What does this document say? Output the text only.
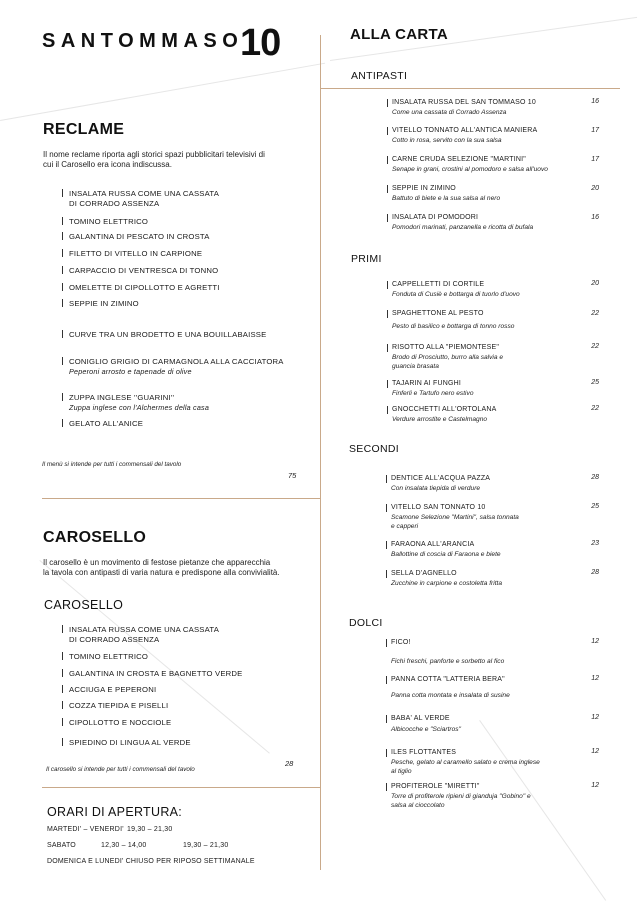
SANTOMMASO
10
RECLAME
Il nome reclame riporta agli storici spazi pubblicitari televisivi di
cui il Carosello era icona indiscussa.
INSALATA RUSSA COME UNA CASSATA
DI CORRADO ASSENZA
TOMINO ELETTRICO
GALANTINA DI PESCATO IN CROSTA
FILETTO DI VITELLO IN CARPIONE
CARPACCIO DI VENTRESCA DI TONNO
OMELETTE DI CIPOLLOTTO E AGRETTI
SEPPIE IN ZIMINO
CURVE TRA UN BRODETTO E UNA BOUILLABAISSE
CONIGLIO GRIGIO DI CARMAGNOLA ALLA CACCIATORA
Peperoni arrosto e tapenade di olive
ZUPPA INGLESE ''GUARINI''
Zuppa inglese con l'Alchermes della casa
GELATO ALL'ANICE
Il menù si intende per tutti i commensali del tavolo
75
CAROSELLO
Il carosello è un movimento di festose pietanze che apparecchia
la tavola con antipasti di varia natura e predispone alla convivialità.
CAROSELLO
INSALATA RUSSA COME UNA CASSATA
DI CORRADO ASSENZA
TOMINO ELETTRICO
GALANTINA IN CROSTA E BAGNETTO VERDE
ACCIUGA E PEPERONI
COZZA TIEPIDA E PISELLI
CIPOLLOTTO E NOCCIOLE
SPIEDINO DI LINGUA AL VERDE
Il carosello si intende per tutti i commensali del tavolo
28
ORARI DI APERTURA:
MARTEDI' – VENERDI' 19,30 – 21,30
SABATO	12,30 – 14,00	19,30 – 21,30
DOMENICA E LUNEDI' CHIUSO PER RIPOSO SETTIMANALE
ALLA CARTA
ANTIPASTI
INSALATA RUSSA DEL SAN TOMMASO 10
Come una cassata di Corrado Assenza
16
VITELLO TONNATO ALL'ANTICA MANIERA
Cotto in rosa, servito con la sua salsa
17
CARNE CRUDA SELEZIONE "MARTINI"
Senape in grani, crostini al pomodoro e salsa all'uovo
17
SEPPIE IN ZIMINO
Battuto di biete e la sua salsa al nero
20
INSALATA DI POMODORI
Pomodori marinati, panzanella e ricotta di bufala
16
PRIMI
CAPPELLETTI DI CORTILE
Fonduta di Cusiè e bottarga di tuorlo d'uovo
20
SPAGHETTONE AL PESTO
Pesto di basilico e bottarga di tonno rosso
22
RISOTTO ALLA "PIEMONTESE"
Brodo di Prosciutto, burro alla salvia e
guancia brasata
22
TAJARIN AI FUNGHI
Finferli e Tartufo nero estivo
25
GNOCCHETTI ALL'ORTOLANA
Verdure arrostite e Castelmagno
22
SECONDI
DENTICE ALL'ACQUA PAZZA
Con insalata tiepida di verdure
28
VITELLO SAN TONNATO 10
Scamone Selezione "Martini", salsa tonnata
e capperi
25
FARAONA ALL'ARANCIA
Ballottine di coscia di Faraona e biete
23
SELLA D'AGNELLO
Zucchine in carpione e costoletta fritta
28
DOLCI
FICO!
Fichi freschi, panforte e sorbetto al fico
12
PANNA COTTA "LATTERIA BERA"
Panna cotta montata e insalata di susine
12
BABA' AL VERDE
Albicocche e "Sciartros"
12
ILES FLOTTANTES
Pesche, gelato al caramello salato e crema inglese
al tiglio
12
PROFITEROLE "MIRETTI"
Torre di profiterole ripieni di gianduja "Gobino" e
salsa al cioccolato
12
